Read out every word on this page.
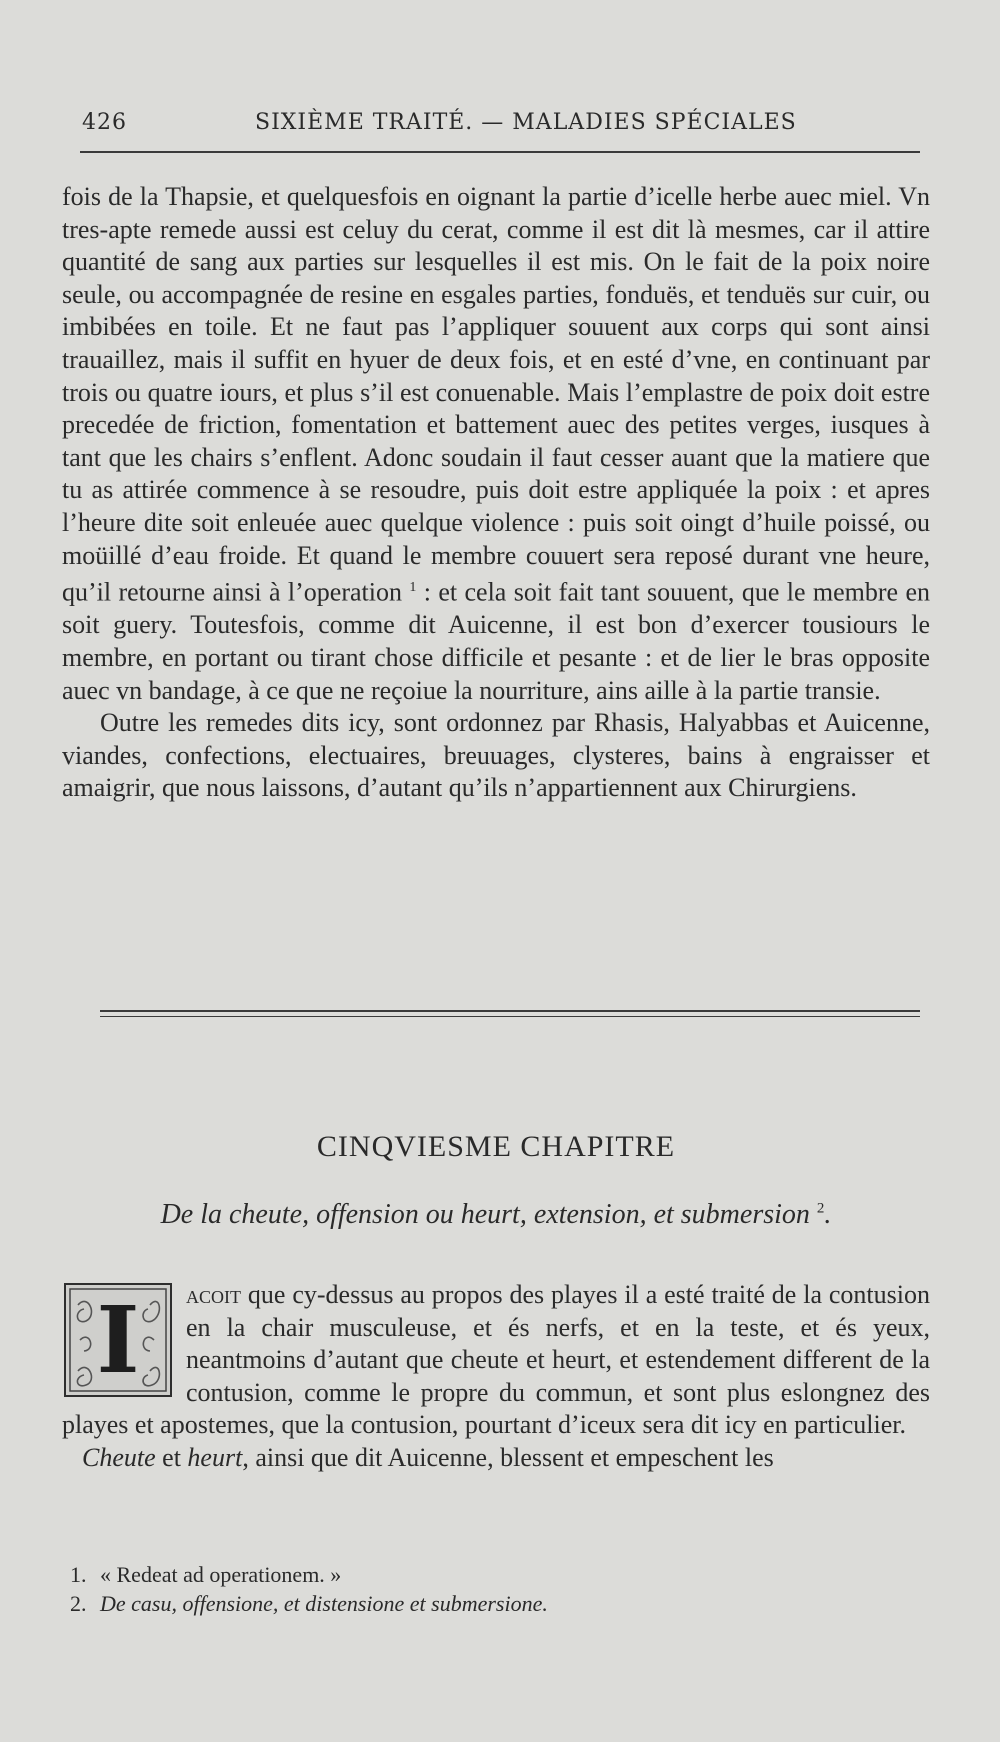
426	SIXIÈME TRAITÉ. — MALADIES SPÉCIALES

fois de la Thapsie, et quelquesfois en oignant la partie d’icelle herbe auec miel. Vn tres-apte remede aussi est celuy du cerat, comme il est dit là mesmes, car il attire quantité de sang aux parties sur lesquelles il est mis. On le fait de la poix noire seule, ou accompagnée de resine en esgales parties, fonduës, et tenduës sur cuir, ou imbibées en toile. Et ne faut pas l’appliquer souuent aux corps qui sont ainsi trauaillez, mais il suffit en hyuer de deux fois, et en esté d’vne, en continuant par trois ou quatre iours, et plus s’il est conuenable. Mais l’emplastre de poix doit estre precedée de friction, fomentation et battement auec des petites verges, iusques à tant que les chairs s’enflent. Adonc soudain il faut cesser auant que la matiere que tu as attirée commence à se resoudre, puis doit estre appliquée la poix : et apres l’heure dite soit enleuée auec quelque violence : puis soit oingt d’huile poissé, ou moüillé d’eau froide. Et quand le membre couuert sera reposé durant vne heure, qu’il retourne ainsi à l’operation $^1$ : et cela soit fait tant souuent, que le membre en soit guery. Toutesfois, comme dit Auicenne, il est bon d’exercer tousiours le membre, en portant ou tirant chose difficile et pesante : et de lier le bras opposite auec vn bandage, à ce que ne reçoiue la nourriture, ains aille à la partie transie.

Outre les remedes dits icy, sont ordonnez par Rhasis, Halyabbas et Auicenne, viandes, confections, electuaires, breuuages, clysteres, bains à engraisser et amaigrir, que nous laissons, d’autant qu’ils n’appartiennent aux Chirurgiens.

CINQVIESME CHAPITRE
De la cheute, offension ou heurt, extension, et submersion $^2$.
I	acoit que cy-dessus au propos des playes il a esté traité de la contusion en la chair musculeuse, et és nerfs, et en la teste, et és yeux, neantmoins d’autant que cheute et heurt, et estendement different de la contusion, comme le propre du commun, et sont plus eslongnez des playes et apostemes, que la contusion, pourtant d’iceux sera dit icy en particulier.

Cheute et heurt, ainsi que dit Auicenne, blessent et empeschent les

1. « Redeat ad operationem. »
2. De casu, offensione, et distensione et submersione.
